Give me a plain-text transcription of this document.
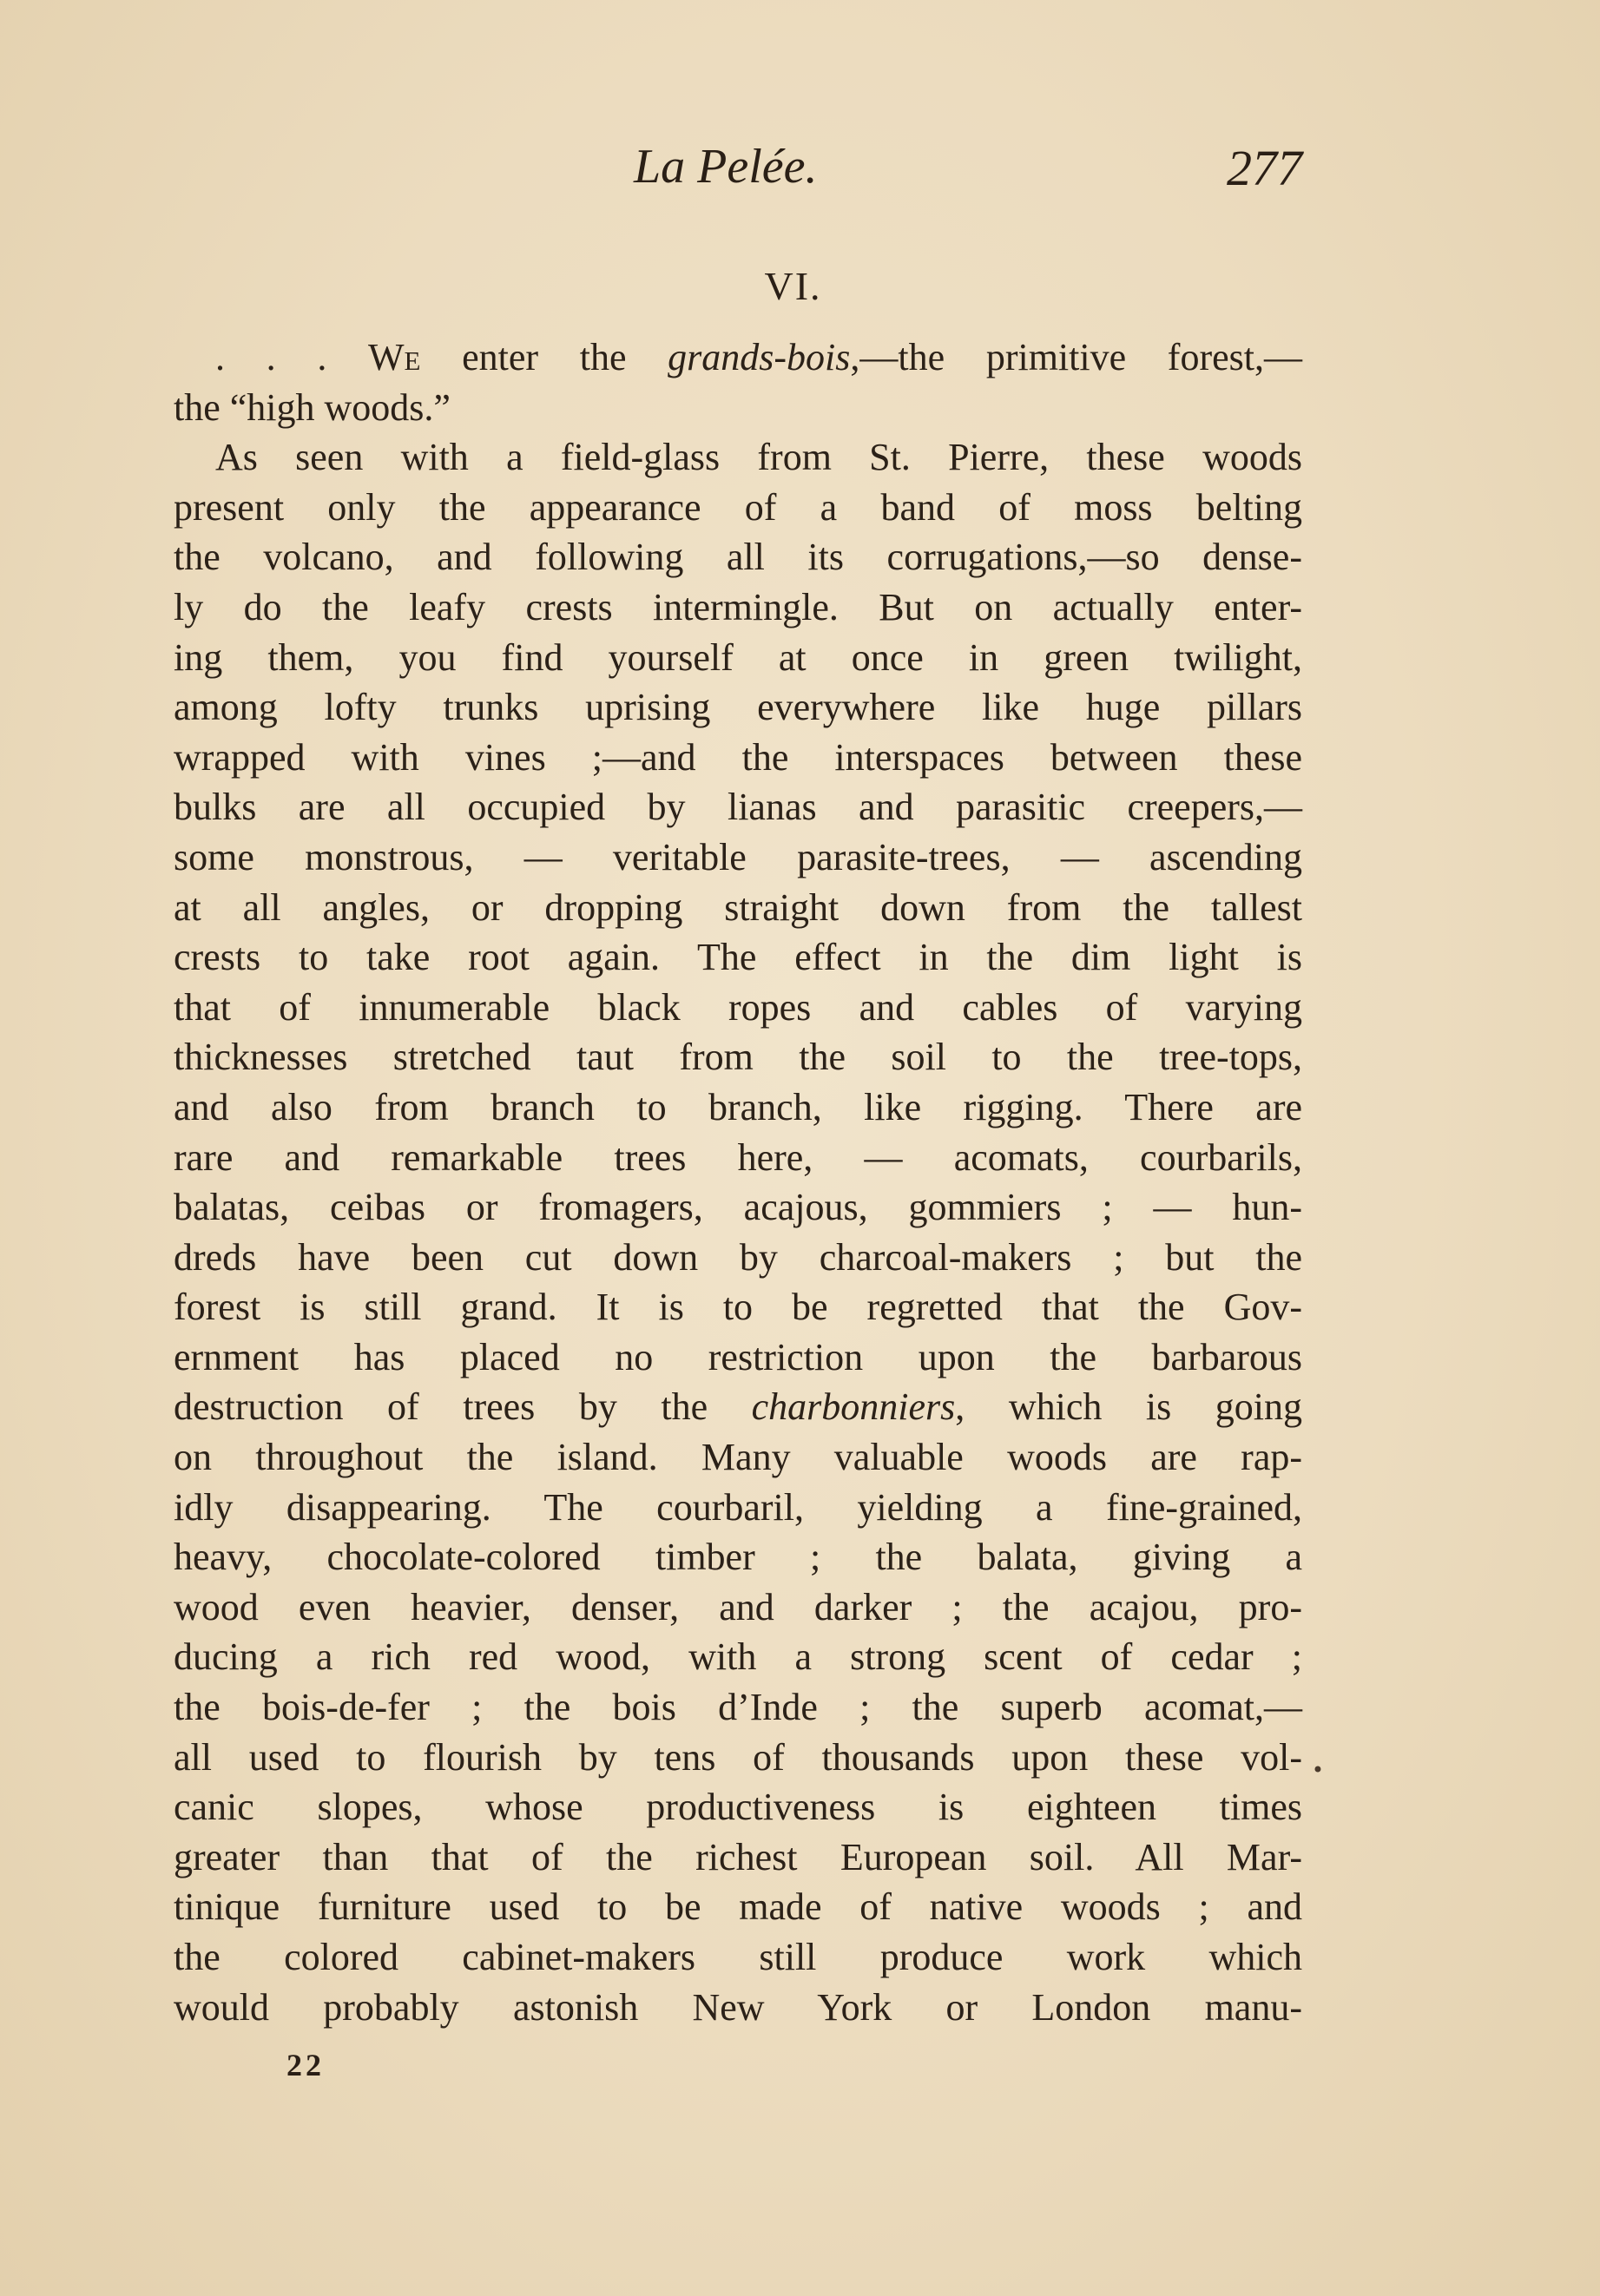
La Pelée.	277
VI.
. . . We enter the grands-bois,—the primitive forest,—
the “high woods.”
As seen with a field-glass from St. Pierre, these woods
present only the appearance of a band of moss belting
the volcano, and following all its corrugations,—so dense-
ly do the leafy crests intermingle. But on actually enter-
ing them, you find yourself at once in green twilight,
among lofty trunks uprising everywhere like huge pillars
wrapped with vines ;—and the interspaces between these
bulks are all occupied by lianas and parasitic creepers,—
some monstrous, — veritable parasite-trees, — ascending
at all angles, or dropping straight down from the tallest
crests to take root again. The effect in the dim light is
that of innumerable black ropes and cables of varying
thicknesses stretched taut from the soil to the tree-tops,
and also from branch to branch, like rigging. There are
rare and remarkable trees here, — acomats, courbarils,
balatas, ceibas or fromagers, acajous, gommiers ; — hun-
dreds have been cut down by charcoal-makers ; but the
forest is still grand. It is to be regretted that the Gov-
ernment has placed no restriction upon the barbarous
destruction of trees by the charbonniers, which is going
on throughout the island. Many valuable woods are rap-
idly disappearing. The courbaril, yielding a fine-grained,
heavy, chocolate-colored timber ; the balata, giving a
wood even heavier, denser, and darker ; the acajou, pro-
ducing a rich red wood, with a strong scent of cedar ;
the bois-de-fer ; the bois d’Inde ; the superb acomat,—
all used to flourish by tens of thousands upon these vol-
canic slopes, whose productiveness is eighteen times
greater than that of the richest European soil. All Mar-
tinique furniture used to be made of native woods ; and
the colored cabinet-makers still produce work which
would probably astonish New York or London manu-
22
•
